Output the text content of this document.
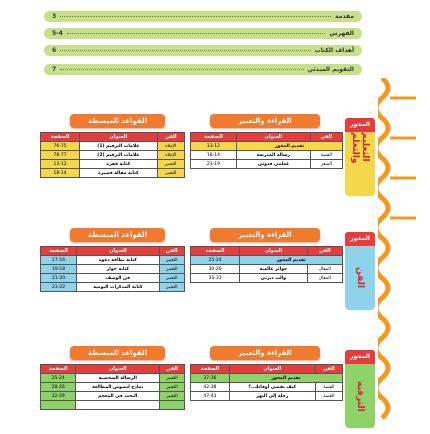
مقدمة
3
الفهرس
5-4
أهداف الكتاب
6
التقويم المبدئي
7
القواعد المبسطة	القراءة والتعبير	المحور
التعليم والتعلم
الفن	العنوان	الصفحة
تقديم المحور		13-12
القصة	رسالة المدرسة	18-14
الشعر	مُعلمي قدوتي	23-19
الفن	العنوان	الصفحة
الإملاء	علامات الترقيم (1)	76-75
الإملاء	علامات الترقيم (2)	78-77
التعبير	كتابة فقرة	13-12
التعبير	كتابة مقالة قصيرة	18-14
القواعد المبسطة	القراءة والتعبير	المحور
الفن
الفن	العنوان	الصفحة
تقديم المحور		25-24
المقال	جوائز عالمية	30-26
المقال	والت ديزني	35-31
الفن	العنوان	الصفحة
التعبير	كتابة بطاقة دعوة	17-16
التعبير	كتابة حوار	19-18
التعبير	فن الوصف	21-20
التعبير	كتابة المذكرات اليومية	23-22
القواعد المبسطة	القراءة والتعبير	المحور
الترفيه
الفن	العنوان	الصفحة
تقديم المحور		37-36
القصة	كيف تقضي أوقاتك..؟	42-38
القصة	رحلة إلى النهر	47-43
الفن	العنوان	الصفحة
التعبير	الرسالة الشخصية	25-24
التعبير	نماذج لنصوص المطالعة	28-26
التعبير	البحث في المعجم	32-29
